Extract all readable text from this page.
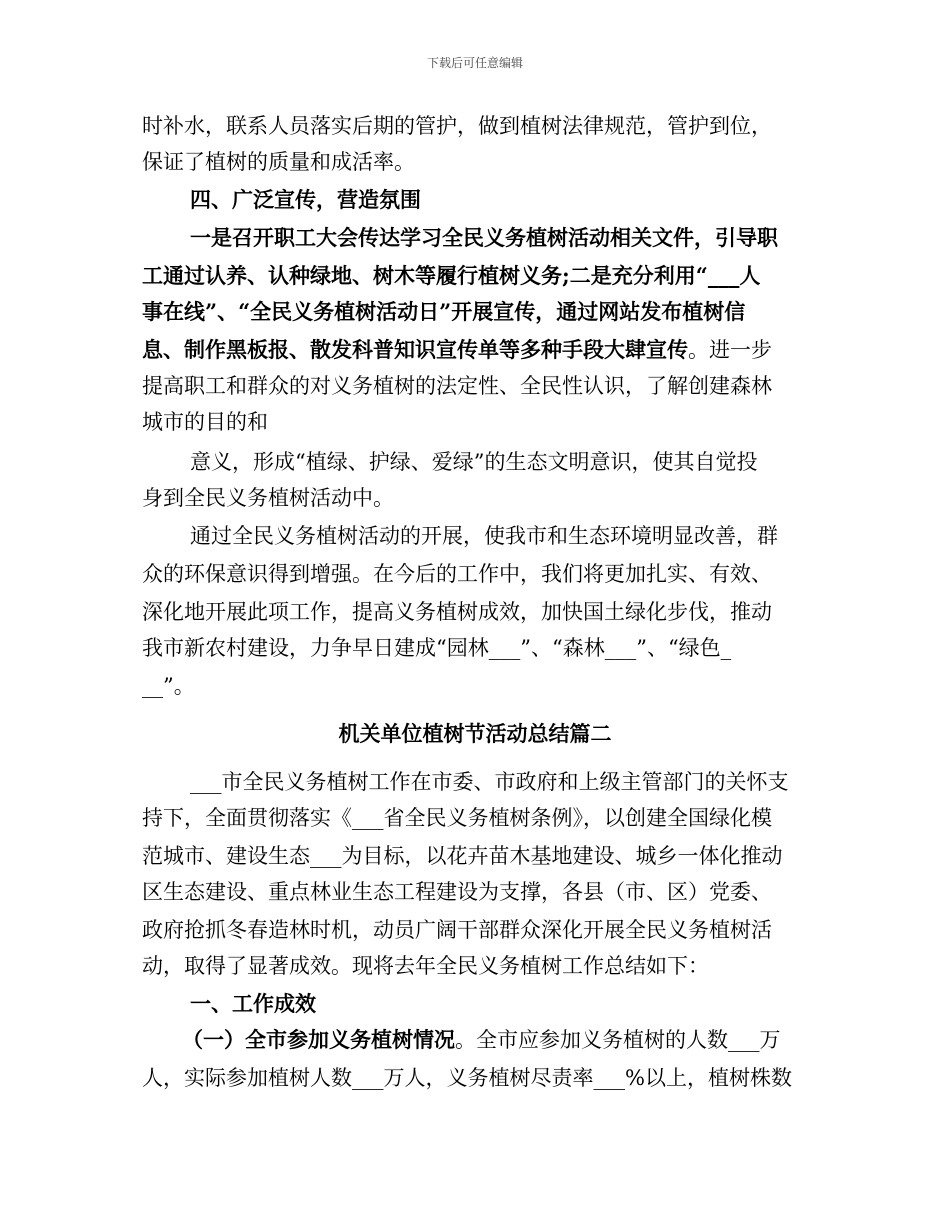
下载后可任意编辑
时补水，联系人员落实后期的管护，做到植树法律规范，管护到位，
保证了植树的质量和成活率。
四、广泛宣传，营造氛围
一是召开职工大会传达学习全民义务植树活动相关文件，引导职
工通过认养、认种绿地、树木等履行植树义务;二是充分利用“___人
事在线”、“全民义务植树活动日”开展宣传，通过网站发布植树信
息、制作黑板报、散发科普知识宣传单等多种手段大肆宣传。进一步
提高职工和群众的对义务植树的法定性、全民性认识，了解创建森林
城市的目的和
意义，形成“植绿、护绿、爱绿”的生态文明意识，使其自觉投
身到全民义务植树活动中。
通过全民义务植树活动的开展，使我市和生态环境明显改善，群
众的环保意识得到增强。在今后的工作中，我们将更加扎实、有效、
深化地开展此项工作，提高义务植树成效，加快国土绿化步伐，推动
我市新农村建设，力争早日建成“园林___”、“森林___”、“绿色_
__”。
机关单位植树节活动总结篇二
___市全民义务植树工作在市委、市政府和上级主管部门的关怀支
持下，全面贯彻落实《___省全民义务植树条例》，以创建全国绿化模
范城市、建设生态___为目标，以花卉苗木基地建设、城乡一体化推动
区生态建设、重点林业生态工程建设为支撑，各县（市、区）党委、
政府抢抓冬春造林时机，动员广阔干部群众深化开展全民义务植树活
动，取得了显著成效。现将去年全民义务植树工作总结如下：
一、工作成效
（一）全市参加义务植树情况。全市应参加义务植树的人数___万
人，实际参加植树人数___万人，义务植树尽责率___%以上，植树株数
